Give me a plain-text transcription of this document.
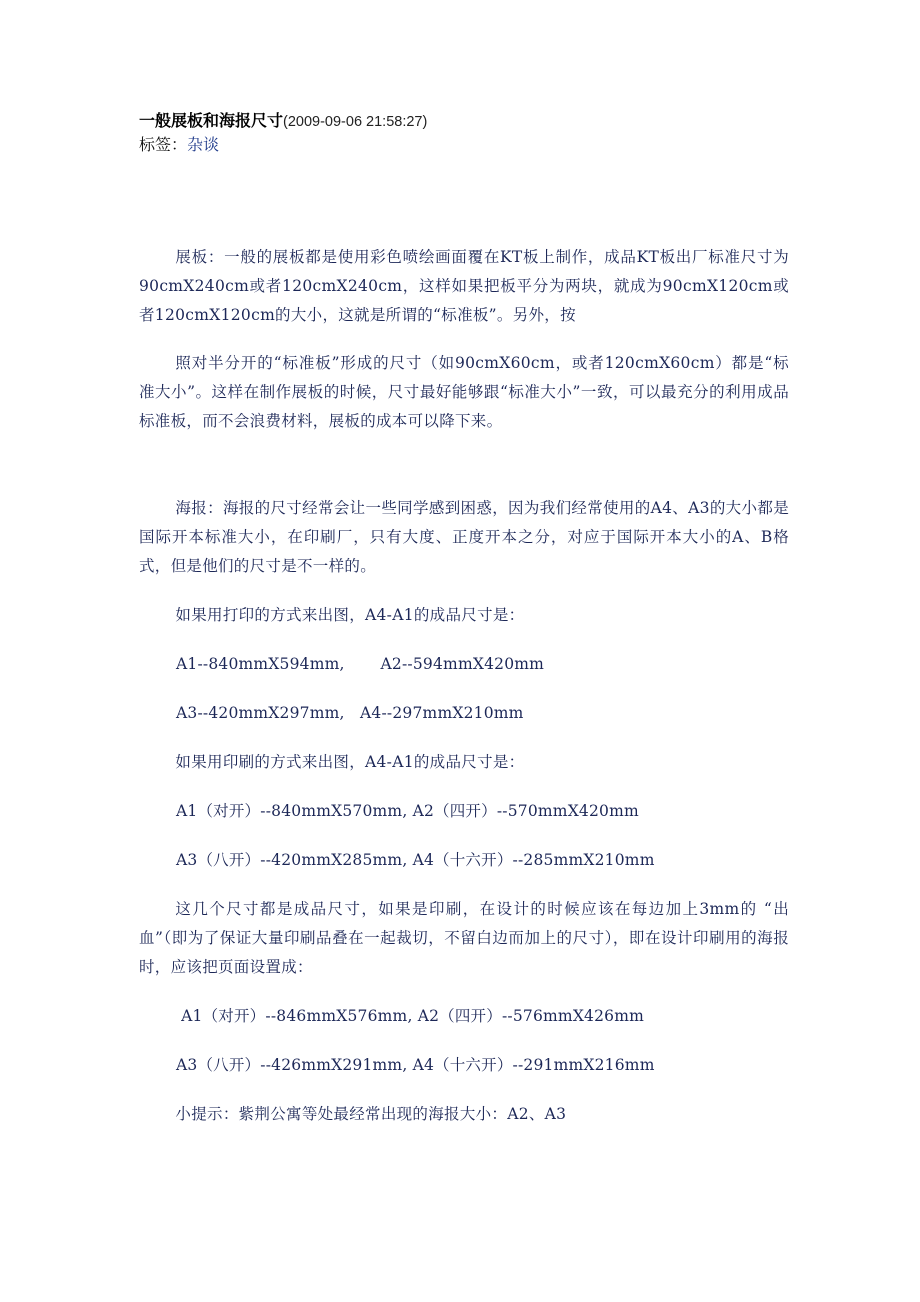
一般展板和海报尺寸(2009-09-06 21:58:27)

标签：杂谈

展板：一般的展板都是使用彩色喷绘画面覆在KT板上制作，成品KT板出厂标准尺寸为90cmX240cm或者120cmX240cm，这样如果把板平分为两块，就成为90cmX120cm或者120cmX120cm的大小，这就是所谓的“标准板”。另外，按

照对半分开的“标准板”形成的尺寸（如90cmX60cm，或者120cmX60cm）都是“标准大小”。这样在制作展板的时候，尺寸最好能够跟“标准大小”一致，可以最充分的利用成品标准板，而不会浪费材料，展板的成本可以降下来。

海报：海报的尺寸经常会让一些同学感到困惑，因为我们经常使用的A4、A3的大小都是国际开本标准大小，在印刷厂，只有大度、正度开本之分，对应于国际开本大小的A、B格式，但是他们的尺寸是不一样的。

如果用打印的方式来出图，A4-A1的成品尺寸是：

A1--840mmX594mm,       A2--594mmX420mm

A3--420mmX297mm,   A4--297mmX210mm

如果用印刷的方式来出图，A4-A1的成品尺寸是：

A1（对开）--840mmX570mm, A2（四开）--570mmX420mm

A3（八开）--420mmX285mm, A4（十六开）--285mmX210mm

这几个尺寸都是成品尺寸，如果是印刷，在设计的时候应该在每边加上3mm的 “出血”（即为了保证大量印刷品叠在一起裁切，不留白边而加上的尺寸），即在设计印刷用的海报时，应该把页面设置成：

A1（对开）--846mmX576mm, A2（四开）--576mmX426mm

A3（八开）--426mmX291mm, A4（十六开）--291mmX216mm

小提示：紫荆公寓等处最经常出现的海报大小：A2、A3
